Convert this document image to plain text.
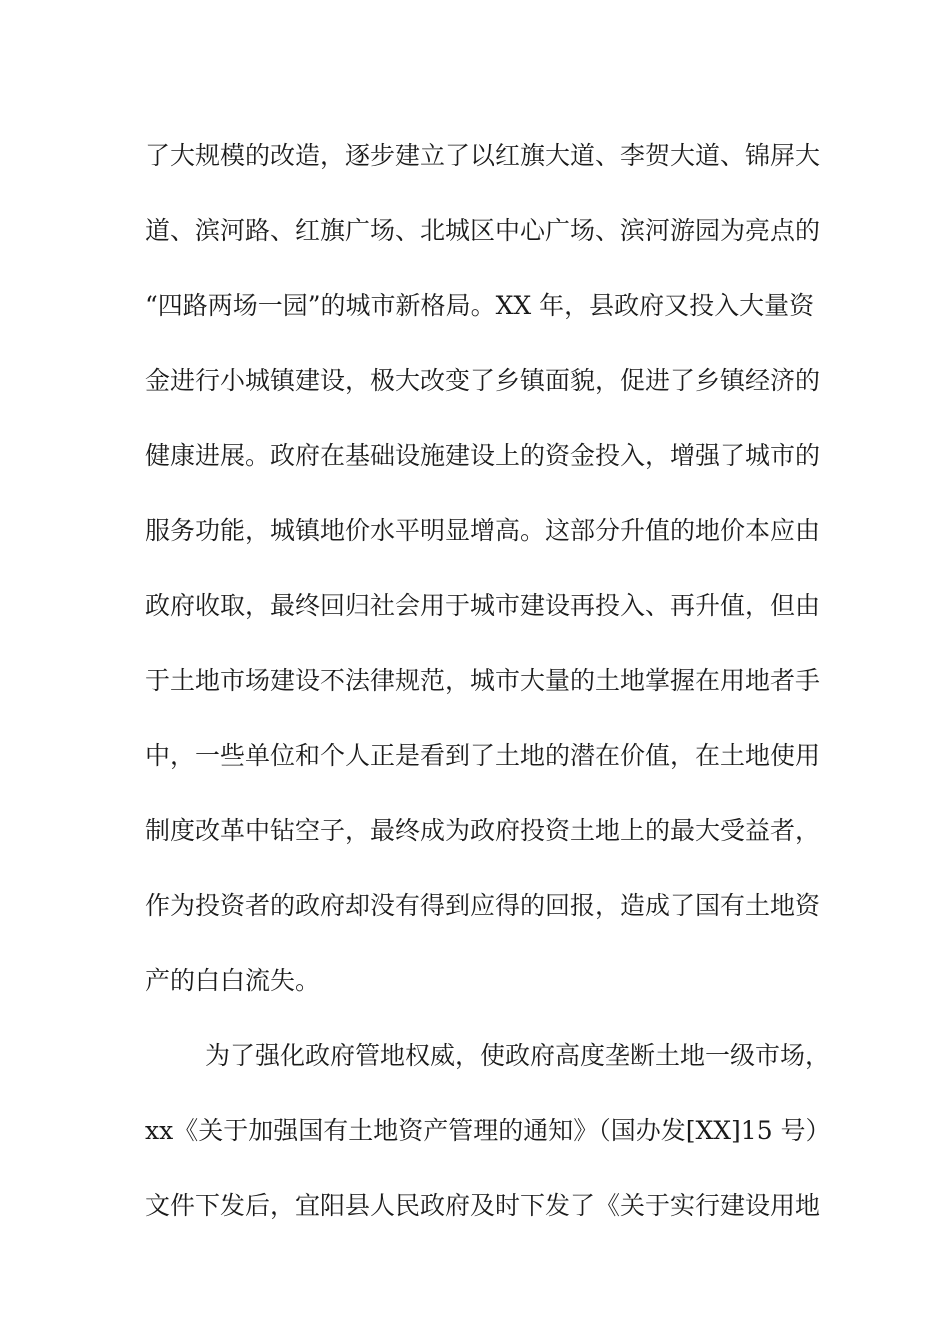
了大规模的改造，逐步建立了以红旗大道、李贺大道、锦屏大
道、滨河路、红旗广场、北城区中心广场、滨河游园为亮点的
“四路两场一园”的城市新格局。XX 年，县政府又投入大量资
金进行小城镇建设，极大改变了乡镇面貌，促进了乡镇经济的
健康进展。政府在基础设施建设上的资金投入，增强了城市的
服务功能，城镇地价水平明显增高。这部分升值的地价本应由
政府收取，最终回归社会用于城市建设再投入、再升值，但由
于土地市场建设不法律规范，城市大量的土地掌握在用地者手
中，一些单位和个人正是看到了土地的潜在价值，在土地使用
制度改革中钻空子，最终成为政府投资土地上的最大受益者，
作为投资者的政府却没有得到应得的回报，造成了国有土地资
产的白白流失。
为了强化政府管地权威，使政府高度垄断土地一级市场，
xx《关于加强国有土地资产管理的通知》（国办发[XX]15 号）
文件下发后，宜阳县人民政府及时下发了《关于实行建设用地
